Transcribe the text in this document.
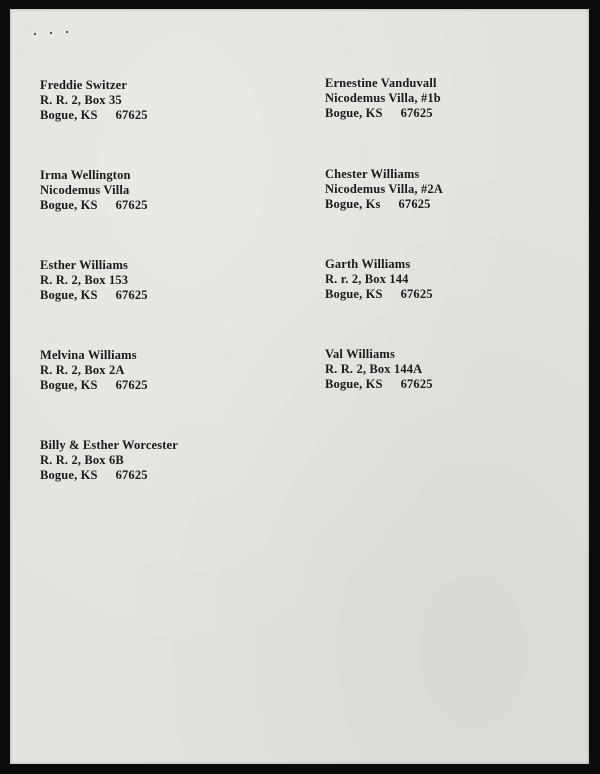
Freddie Switzer
R. R. 2, Box 35
Bogue, KS 67625
Ernestine Vanduvall
Nicodemus Villa, #1b
Bogue, KS 67625
Irma Wellington
Nicodemus Villa
Bogue, KS 67625
Chester Williams
Nicodemus Villa, #2A
Bogue, Ks 67625
Esther Williams
R. R. 2, Box 153
Bogue, KS 67625
Garth Williams
R. r. 2, Box 144
Bogue, KS 67625
Melvina Williams
R. R. 2, Box 2A
Bogue, KS 67625
Val Williams
R. R. 2, Box 144A
Bogue, KS 67625
Billy & Esther Worcester
R. R. 2, Box 6B
Bogue, KS 67625
